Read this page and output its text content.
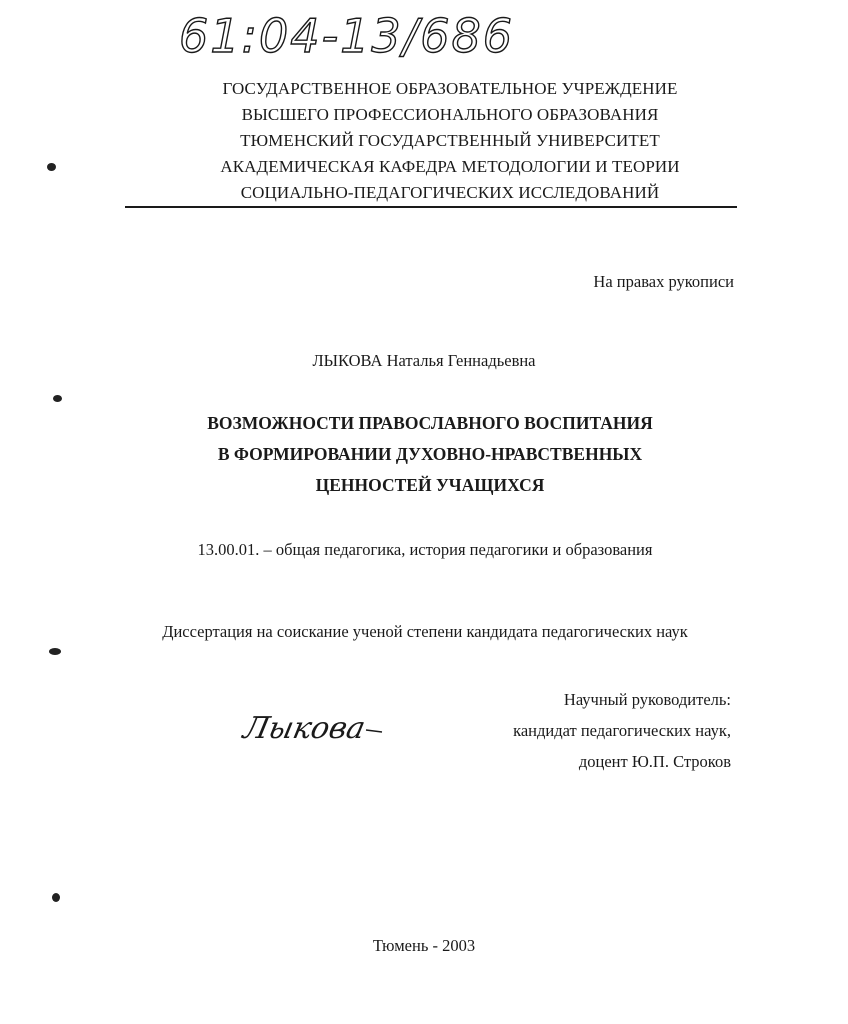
61:04-13/686
ГОСУДАРСТВЕННОЕ ОБРАЗОВАТЕЛЬНОЕ УЧРЕЖДЕНИЕ
ВЫСШЕГО ПРОФЕССИОНАЛЬНОГО ОБРАЗОВАНИЯ
ТЮМЕНСКИЙ ГОСУДАРСТВЕННЫЙ УНИВЕРСИТЕТ
АКАДЕМИЧЕСКАЯ КАФЕДРА МЕТОДОЛОГИИ И ТЕОРИИ
СОЦИАЛЬНО-ПЕДАГОГИЧЕСКИХ ИССЛЕДОВАНИЙ
На правах рукописи
ЛЫКОВА Наталья Геннадьевна
ВОЗМОЖНОСТИ ПРАВОСЛАВНОГО ВОСПИТАНИЯ
В ФОРМИРОВАНИИ ДУХОВНО-НРАВСТВЕННЫХ
ЦЕННОСТЕЙ УЧАЩИХСЯ
13.00.01. – общая педагогика, история педагогики и образования
Диссертация на соискание ученой степени кандидата педагогических наук
Лыкова
Научный руководитель:
кандидат педагогических наук,
доцент Ю.П. Строков
Тюмень - 2003
